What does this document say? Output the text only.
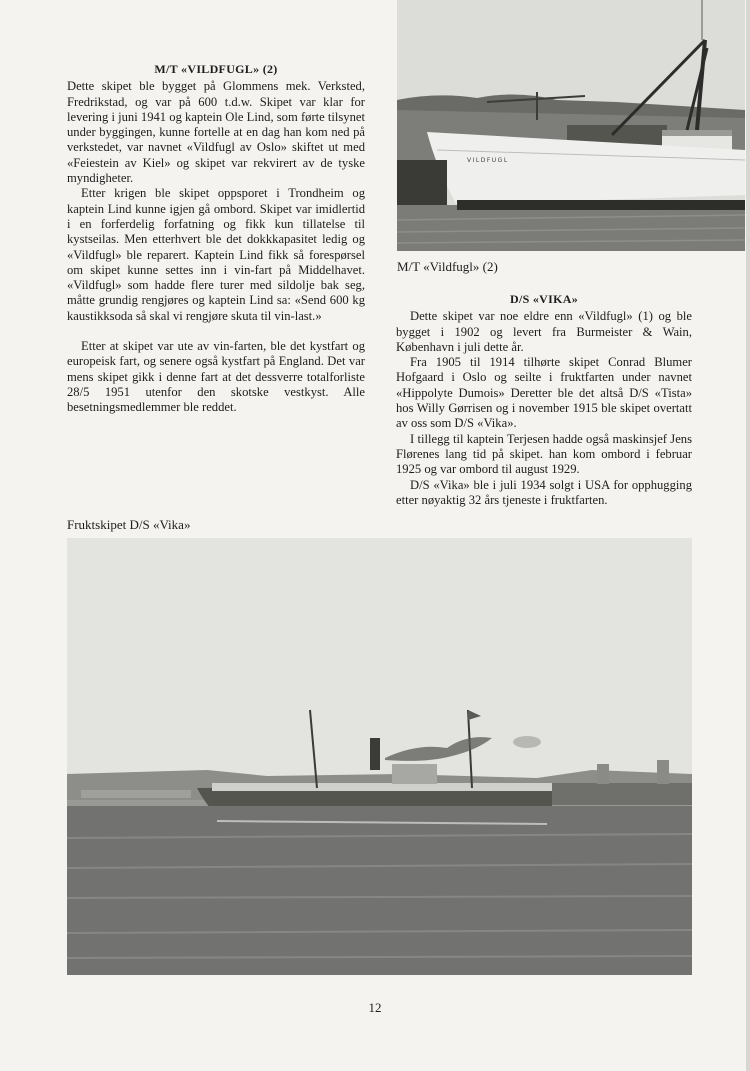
M/T «VILDFUGL» (2)

Dette skipet ble bygget på Glommens mek. Verksted, Fredrikstad, og var på 600 t.d.w. Skipet var klar for levering i juni 1941 og kaptein Ole Lind, som førte tilsynet under byggingen, kunne fortelle at en dag han kom ned på verkstedet, var navnet «Vildfugl av Oslo» skiftet ut med «Feiestein av Kiel» og skipet var rekvirert av de tyske myndigheter.

Etter krigen ble skipet oppsporet i Trondheim og kaptein Lind kunne igjen gå ombord. Skipet var imidlertid i en forferdelig forfatning og fikk kun tillatelse til kystseilas. Men etterhvert ble det dokkkapasitet ledig og «Vildfugl» ble reparert. Kaptein Lind fikk så forespørsel om skipet kunne settes inn i vin-fart på Middelhavet. «Vildfugl» som hadde flere turer med sildolje bak seg, måtte grundig rengjøres og kaptein Lind sa: «Send 600 kg kaustikksoda så skal vi rengjøre skuta til vin-last.»

Etter at skipet var ute av vin-farten, ble det kystfart og europeisk fart, og senere også kystfart på England. Det var mens skipet gikk i denne fart at det dessverre totalforliste 28/5 1951 utenfor den skotske vestkyst. Alle besetningsmedlemmer ble reddet.

VILDFUGL
M/T «Vildfugl» (2)
D/S «VIKA»

Dette skipet var noe eldre enn «Vildfugl» (1) og ble bygget i 1902 og levert fra Burmeister & Wain, København i juli dette år.

Fra 1905 til 1914 tilhørte skipet Conrad Blumer Hofgaard i Oslo og seilte i fruktfarten under navnet «Hippolyte Dumois» Deretter ble det altså D/S «Tista» hos Willy Gørrisen og i november 1915 ble skipet overtatt av oss som D/S «Vika».

I tillegg til kaptein Terjesen hadde også maskinsjef Jens Flørenes lang tid på skipet. han kom ombord i februar 1925 og var ombord til august 1929.

D/S «Vika» ble i juli 1934 solgt i USA for opphugging etter nøyaktig 32 års tjeneste i fruktfarten.

Fruktskipet D/S «Vika»
12
